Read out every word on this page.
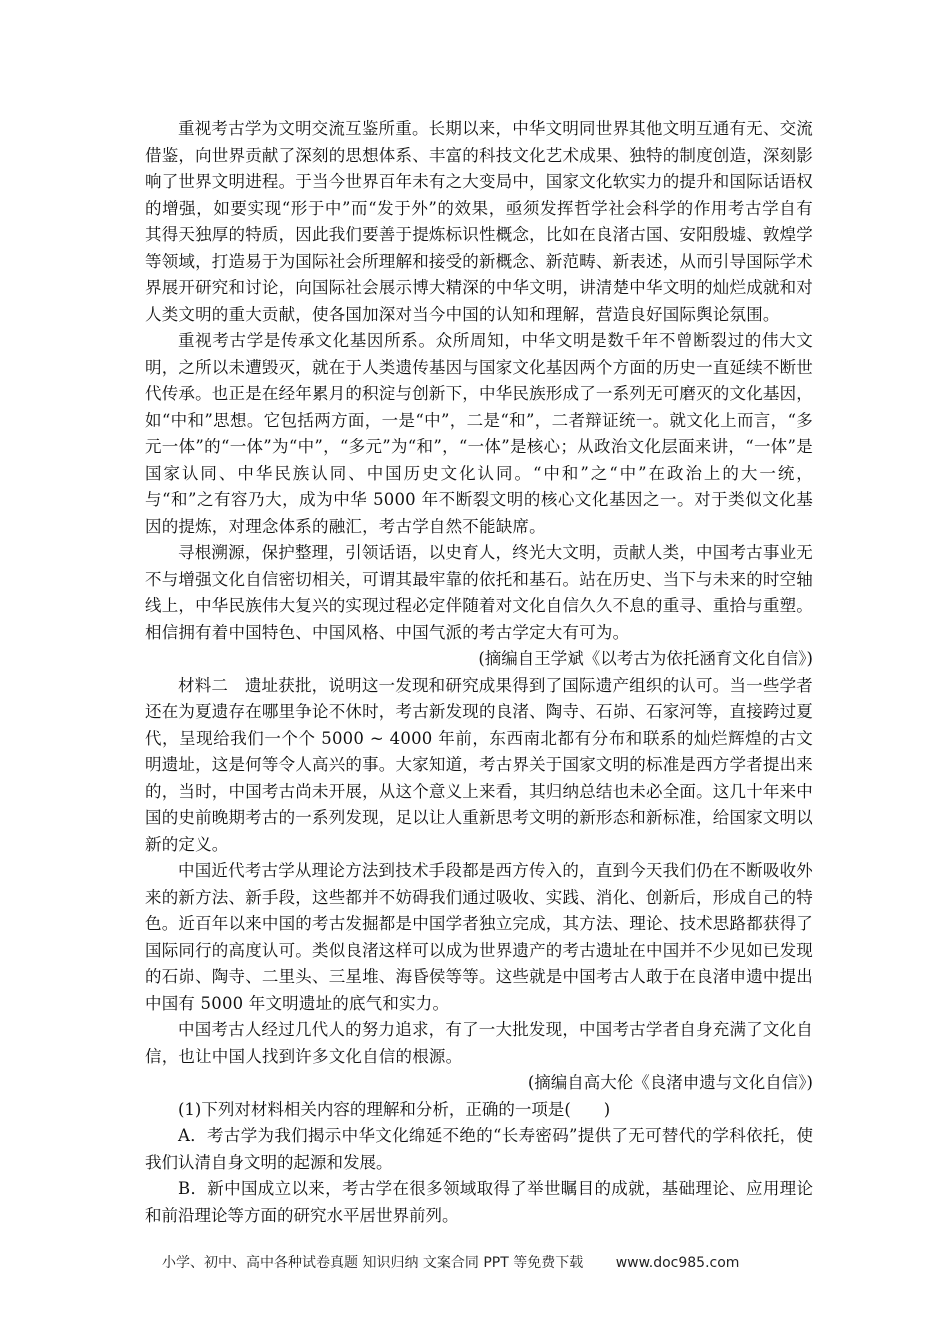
重视考古学为文明交流互鉴所重。长期以来，中华文明同世界其他文明互通有无、交流借鉴，向世界贡献了深刻的思想体系、丰富的科技文化艺术成果、独特的制度创造，深刻影响了世界文明进程。于当今世界百年未有之大变局中，国家文化软实力的提升和国际话语权的增强，如要实现“形于中”而“发于外”的效果，亟须发挥哲学社会科学的作用考古学自有其得天独厚的特质，因此我们要善于提炼标识性概念，比如在良渚古国、安阳殷墟、敦煌学等领域，打造易于为国际社会所理解和接受的新概念、新范畴、新表述，从而引导国际学术界展开研究和讨论，向国际社会展示博大精深的中华文明，讲清楚中华文明的灿烂成就和对人类文明的重大贡献，使各国加深对当今中国的认知和理解，营造良好国际舆论氛围。

重视考古学是传承文化基因所系。众所周知，中华文明是数千年不曾断裂过的伟大文明，之所以未遭毁灭，就在于人类遗传基因与国家文化基因两个方面的历史一直延续不断世代传承。也正是在经年累月的积淀与创新下，中华民族形成了一系列无可磨灭的文化基因，如“中和”思想。它包括两方面，一是“中”，二是“和”，二者辩证统一。就文化上而言，“多元一体”的“一体”为“中”，“多元”为“和”，“一体”是核心；从政治文化层面来讲，“一体”是国家认同、中华民族认同、中国历史文化认同。“中和”之“中”在政治上的大一统，与“和”之有容乃大，成为中华 5000 年不断裂文明的核心文化基因之一。对于类似文化基因的提炼，对理念体系的融汇，考古学自然不能缺席。

寻根溯源，保护整理，引领话语，以史育人，终光大文明，贡献人类，中国考古事业无不与增强文化自信密切相关，可谓其最牢靠的依托和基石。站在历史、当下与未来的时空轴线上，中华民族伟大复兴的实现过程必定伴随着对文化自信久久不息的重寻、重拾与重塑。相信拥有着中国特色、中国风格、中国气派的考古学定大有可为。

(摘编自王学斌《以考古为依托涵育文化自信》)

材料二　遗址获批，说明这一发现和研究成果得到了国际遗产组织的认可。当一些学者还在为夏遗存在哪里争论不休时，考古新发现的良渚、陶寺、石峁、石家河等，直接跨过夏代，呈现给我们一个个 5000 ~ 4000 年前，东西南北都有分布和联系的灿烂辉煌的古文明遗址，这是何等令人高兴的事。大家知道，考古界关于国家文明的标准是西方学者提出来的，当时，中国考古尚未开展，从这个意义上来看，其归纳总结也未必全面。这几十年来中国的史前晚期考古的一系列发现，足以让人重新思考文明的新形态和新标准，给国家文明以新的定义。

中国近代考古学从理论方法到技术手段都是西方传入的，直到今天我们仍在不断吸收外来的新方法、新手段，这些都并不妨碍我们通过吸收、实践、消化、创新后，形成自己的特色。近百年以来中国的考古发掘都是中国学者独立完成，其方法、理论、技术思路都获得了国际同行的高度认可。类似良渚这样可以成为世界遗产的考古遗址在中国并不少见如已发现的石峁、陶寺、二里头、三星堆、海昏侯等等。这些就是中国考古人敢于在良渚申遗中提出中国有 5000 年文明遗址的底气和实力。

中国考古人经过几代人的努力追求，有了一大批发现，中国考古学者自身充满了文化自信，也让中国人找到许多文化自信的根源。

(摘编自高大伦《良渚申遗与文化自信》)

(1)下列对材料相关内容的理解和分析，正确的一项是(　　)

A．考古学为我们揭示中华文化绵延不绝的“长寿密码”提供了无可替代的学科依托，使我们认清自身文明的起源和发展。

B．新中国成立以来，考古学在很多领域取得了举世瞩目的成就，基础理论、应用理论和前沿理论等方面的研究水平居世界前列。

小学、初中、高中各种试卷真题 知识归纳 文案合同 PPT 等免费下载 www.doc985.com
